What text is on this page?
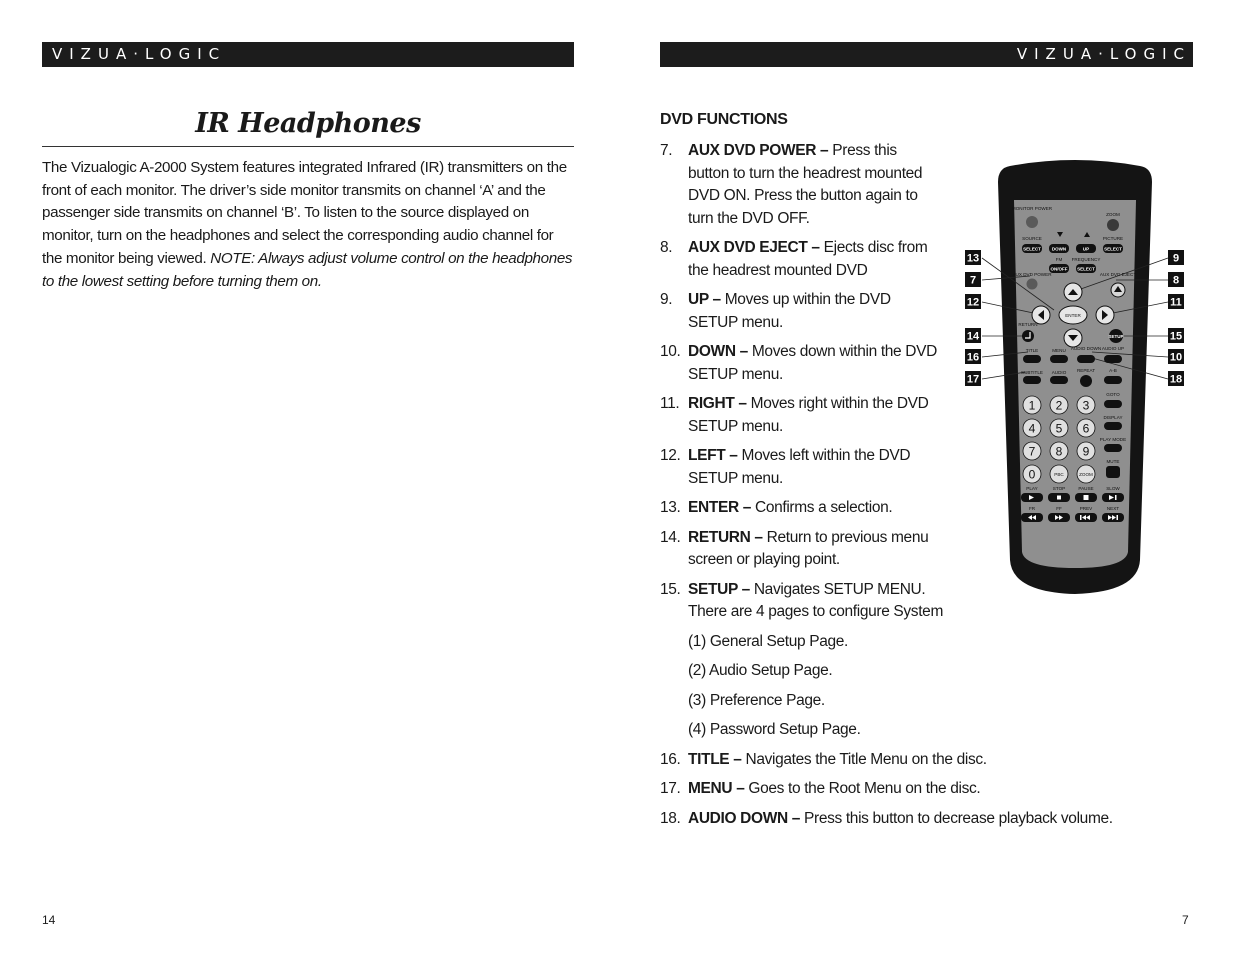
VIZUA·LOGIC	VIZUA·LOGIC
IR Headphones

The Vizualogic A-2000 System features integrated Infrared (IR) transmitters on the front of each monitor. The driver’s side monitor transmits on channel ‘A’ and the passenger side transmits on channel ‘B’. To listen to the source displayed on monitor, turn on the headphones and select the corresponding audio channel for the monitor being viewed. NOTE: Always adjust volume control on the headphones to the lowest setting before turning them on.

DVD FUNCTIONS
7. AUX DVD POWER – Press this button to turn the headrest mounted DVD ON. Press the button again to turn the DVD OFF.
8. AUX DVD EJECT – Ejects disc from the headrest mounted DVD
9. UP – Moves up within the DVD SETUP menu.
10. DOWN – Moves down within the DVD SETUP menu.
11. RIGHT – Moves right within the DVD SETUP menu.
12. LEFT – Moves left within the DVD SETUP menu.
13. ENTER – Confirms a selection.
14. RETURN – Return to previous menu screen or playing point.
15. SETUP – Navigates SETUP MENU. There are 4 pages to configure System
(1) General Setup Page.
(2) Audio Setup Page.
(3) Preference Page.
(4) Password Setup Page.
16. TITLE – Navigates the Title Menu on the disc.
17. MENU – Goes to the Root Menu on the disc.
18. AUDIO DOWN – Press this button to decrease playback volume.
13
7
12
14
16
17
9
8
11
15
10
18
MONITOR POWER
ZOOM
SOURCE	PICTURE
SELECT DOWN	UP	SELECT
FM FREQUENCY
ON/OFF SELECT
AUX DVD POWER	AUX DVD EJECT
ENTER
RETURN
SETUP
TITLE	MENU AUDIO DOWN AUDIO UP
SUBTITLE AUDIO REPEAT	A-B
GOTO
DISPLAY
PLAY MODE
MUTE
1 2 3
4 5 6
7 8 9
0	PBC	ZOOM
PLAY	STOP	PAUSE	SLOW
FR	FF	PREV	NEXT
14	7
